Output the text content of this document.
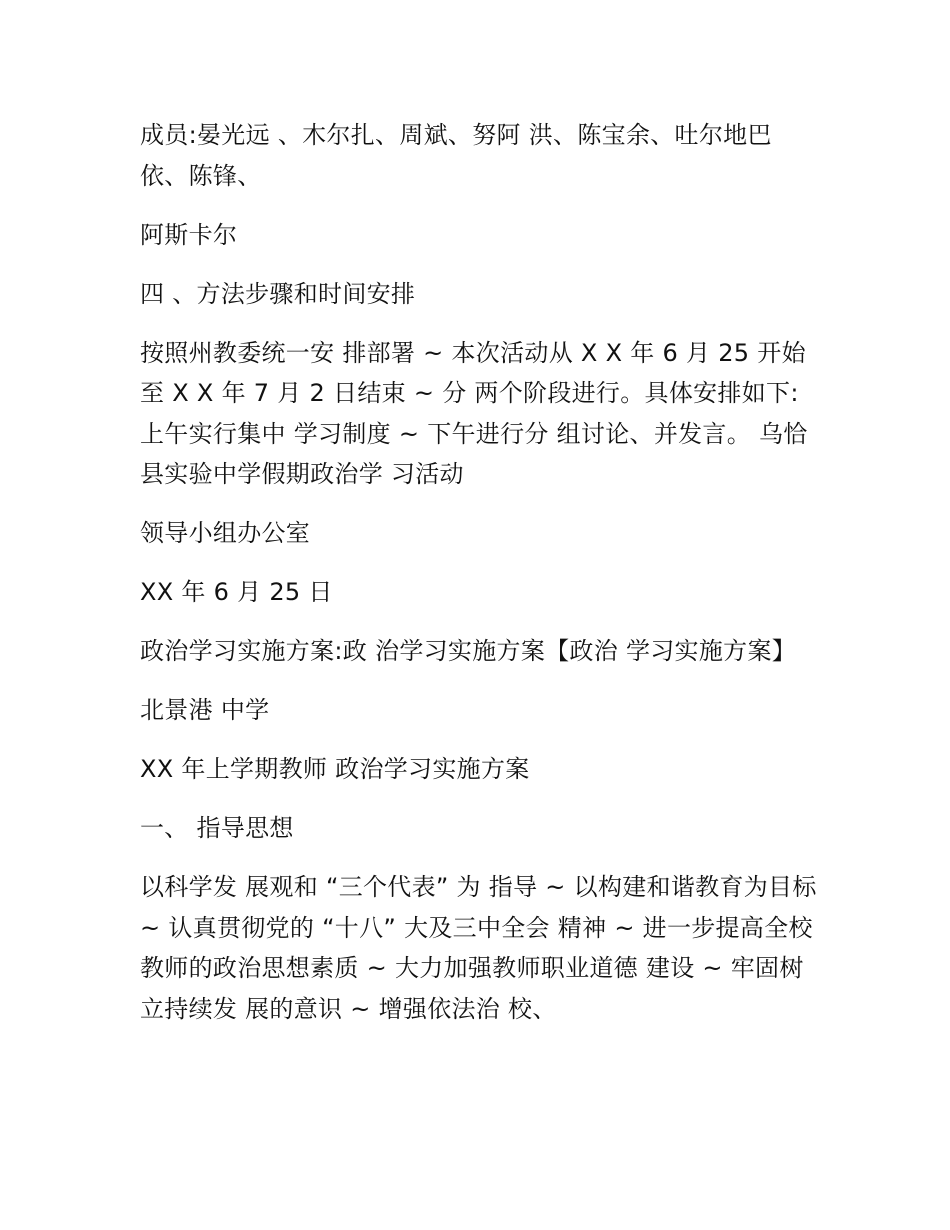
成员:晏光远 、木尔扎、周斌、努阿 洪、陈宝余、吐尔地巴 依、陈锋、

阿斯卡尔

四 、方法步骤和时间安排

按照州教委统一安 排部署 ~ 本次活动从 X X 年 6 月 25 开始至 X X 年 7 月 2 日结束 ~ 分 两个阶段进行。具体安排如下:上午实行集中 学习制度 ~ 下午进行分 组讨论、并发言。 乌恰 县实验中学假期政治学 习活动

领导小组办公室

XX 年 6 月 25 日

政治学习实施方案:政 治学习实施方案【政治 学习实施方案】

北景港 中学

XX 年上学期教师 政治学习实施方案

一、 指导思想

以科学发 展观和 “三个代表” 为 指导 ~ 以构建和谐教育为目标 ~ 认真贯彻党的 “十八” 大及三中全会 精神 ~ 进一步提高全校 教师的政治思想素质 ~ 大力加强教师职业道德 建设 ~ 牢固树立持续发 展的意识 ~ 增强依法治 校、
